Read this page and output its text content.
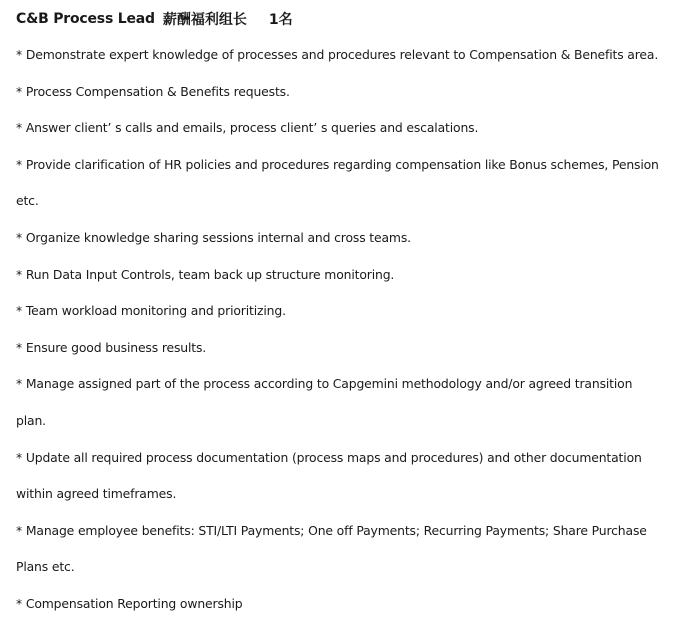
C&B Process Lead 薪酬福利组长 1名
* Demonstrate expert knowledge of processes and procedures relevant to Compensation & Benefits area.
* Process Compensation & Benefits requests.
* Answer client’ s calls and emails, process client’ s queries and escalations.
* Provide clarification of HR policies and procedures regarding compensation like Bonus schemes, Pension
etc.
* Organize knowledge sharing sessions internal and cross teams.
* Run Data Input Controls, team back up structure monitoring.
* Team workload monitoring and prioritizing.
* Ensure good business results.
* Manage assigned part of the process according to Capgemini methodology and/or agreed transition
plan.
* Update all required process documentation (process maps and procedures) and other documentation
within agreed timeframes.
* Manage employee benefits: STI/LTI Payments; One off Payments; Recurring Payments; Share Purchase
Plans etc.
* Compensation Reporting ownership
